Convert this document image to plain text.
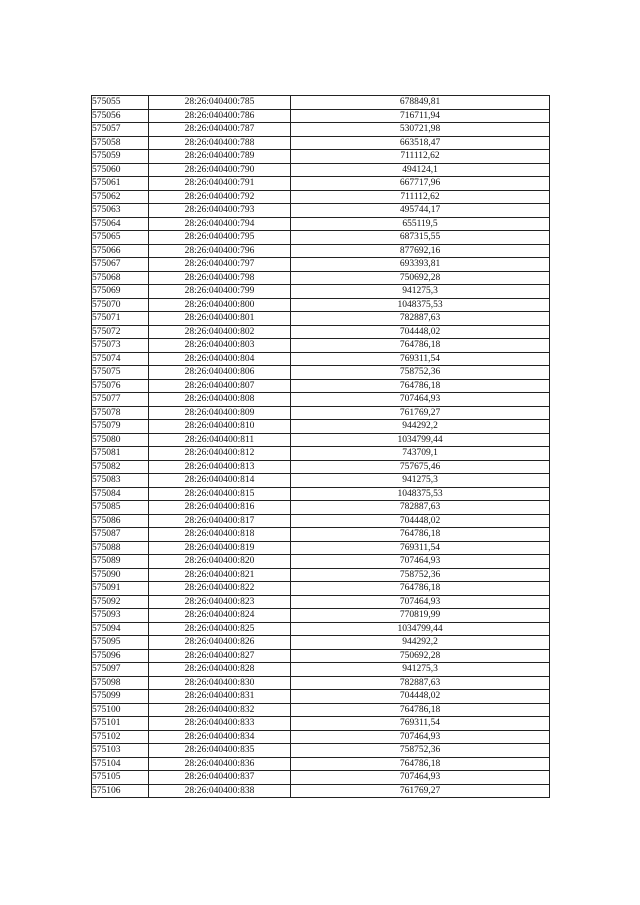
575055	28:26:040400:785	678849,81
575056	28:26:040400:786	716711,94
575057	28:26:040400:787	530721,98
575058	28:26:040400:788	663518,47
575059	28:26:040400:789	711112,62
575060	28:26:040400:790	494124,1
575061	28:26:040400:791	667717,96
575062	28:26:040400:792	711112,62
575063	28:26:040400:793	495744,17
575064	28:26:040400:794	655119,5
575065	28:26:040400:795	687315,55
575066	28:26:040400:796	877692,16
575067	28:26:040400:797	693393,81
575068	28:26:040400:798	750692,28
575069	28:26:040400:799	941275,3
575070	28:26:040400:800	1048375,53
575071	28:26:040400:801	782887,63
575072	28:26:040400:802	704448,02
575073	28:26:040400:803	764786,18
575074	28:26:040400:804	769311,54
575075	28:26:040400:806	758752,36
575076	28:26:040400:807	764786,18
575077	28:26:040400:808	707464,93
575078	28:26:040400:809	761769,27
575079	28:26:040400:810	944292,2
575080	28:26:040400:811	1034799,44
575081	28:26:040400:812	743709,1
575082	28:26:040400:813	757675,46
575083	28:26:040400:814	941275,3
575084	28:26:040400:815	1048375,53
575085	28:26:040400:816	782887,63
575086	28:26:040400:817	704448,02
575087	28:26:040400:818	764786,18
575088	28:26:040400:819	769311,54
575089	28:26:040400:820	707464,93
575090	28:26:040400:821	758752,36
575091	28:26:040400:822	764786,18
575092	28:26:040400:823	707464,93
575093	28:26:040400:824	770819,99
575094	28:26:040400:825	1034799,44
575095	28:26:040400:826	944292,2
575096	28:26:040400:827	750692,28
575097	28:26:040400:828	941275,3
575098	28:26:040400:830	782887,63
575099	28:26:040400:831	704448,02
575100	28:26:040400:832	764786,18
575101	28:26:040400:833	769311,54
575102	28:26:040400:834	707464,93
575103	28:26:040400:835	758752,36
575104	28:26:040400:836	764786,18
575105	28:26:040400:837	707464,93
575106	28:26:040400:838	761769,27
